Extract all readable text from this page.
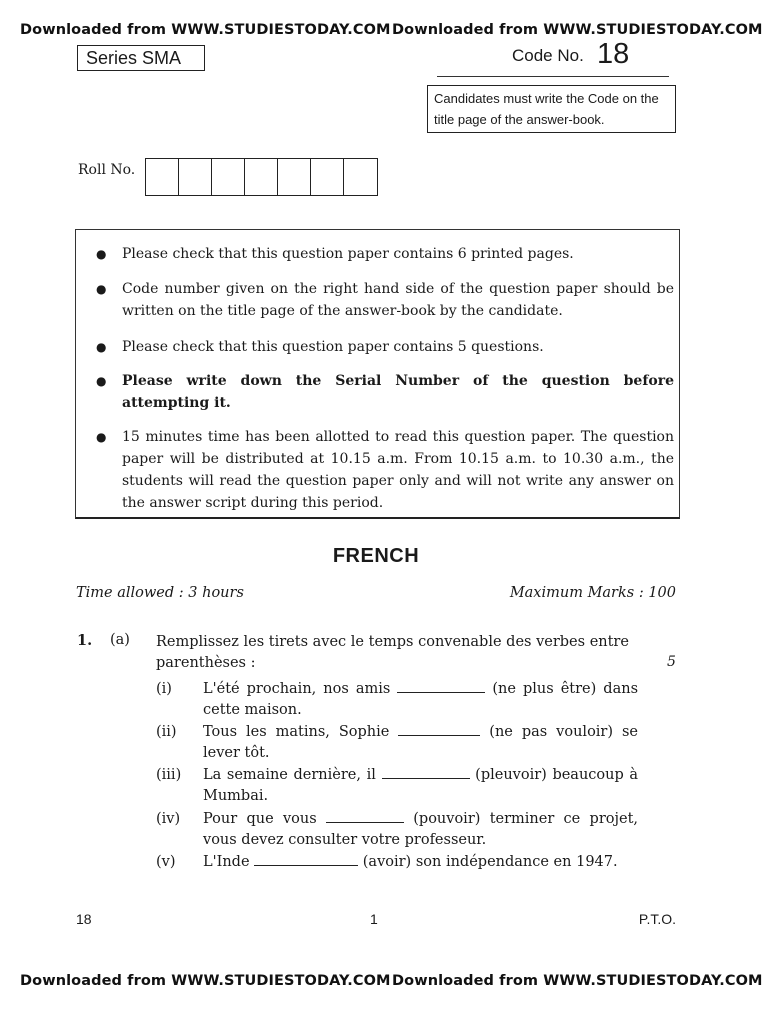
Downloaded from WWW.STUDIESTODAY.COM Downloaded from WWW.STUDIESTODAY.COM
Series SMA	Code No. 18
Candidates must write the Code on the title page of the answer-book.
Roll No.
● Please check that this question paper contains 6 printed pages.
● Code number given on the right hand side of the question paper should be written on the title page of the answer-book by the candidate.
● Please check that this question paper contains 5 questions.
● Please write down the Serial Number of the question before attempting it.
● 15 minutes time has been allotted to read this question paper. The question paper will be distributed at 10.15 a.m. From 10.15 a.m. to 10.30 a.m., the students will read the question paper only and will not write any answer on the answer script during this period.
FRENCH
Time allowed : 3 hours	Maximum Marks : 100
1. (a) Remplissez les tirets avec le temps convenable des verbes entre parenthèses :	5
(i)	L'été prochain, nos amis	(ne plus être) dans cette maison.
(ii)	Tous les matins, Sophie	(ne pas vouloir) se lever tôt.
(iii)	La semaine dernière, il	(pleuvoir) beaucoup à Mumbai.
(iv)	Pour que vous	(pouvoir) terminer ce projet, vous devez consulter votre professeur.
(v)	L'Inde	(avoir) son indépendance en 1947.
18	1	P.T.O.
Downloaded from WWW.STUDIESTODAY.COM Downloaded from WWW.STUDIESTODAY.COM
